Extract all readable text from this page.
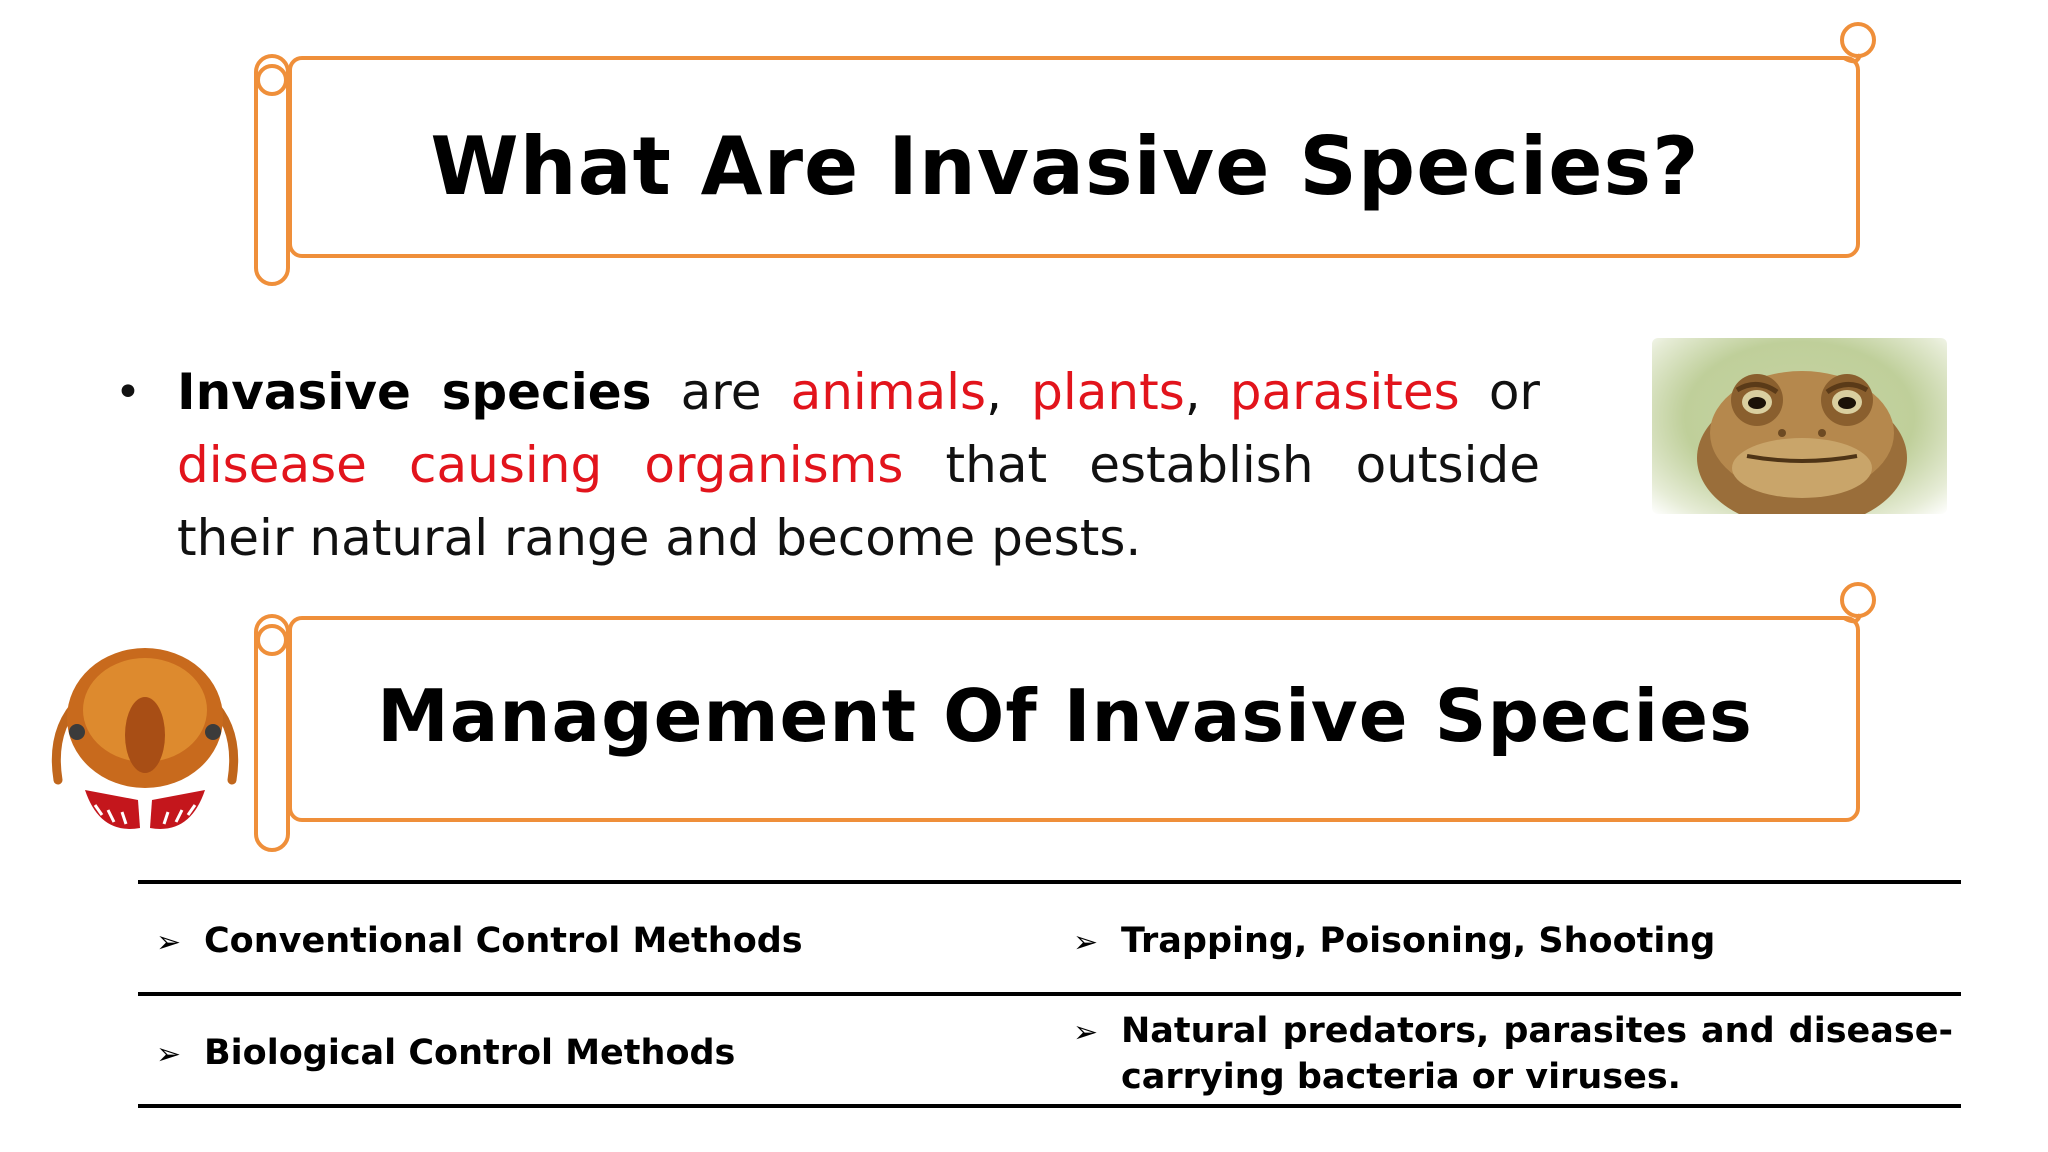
What Are Invasive Species?
• Invasive species are animals, plants, parasites or disease causing organisms that establish outside their natural range and become pests.

Management Of Invasive Species
➢ Conventional Control Methods	➢ Trapping, Poisoning, Shooting
➢ Biological Control Methods
➢ Natural predators, parasites and disease-carrying bacteria or viruses.
